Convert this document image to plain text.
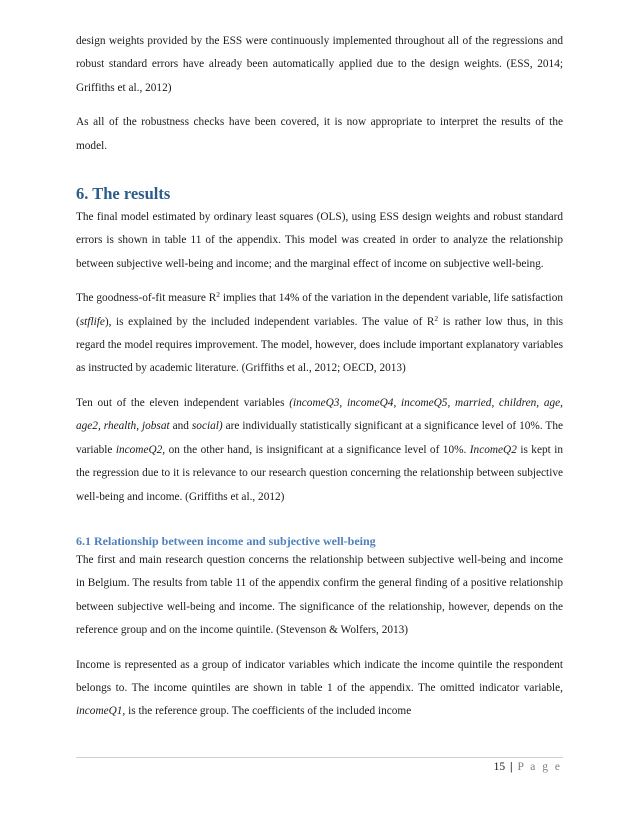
design weights provided by the ESS were continuously implemented throughout all of the regressions and robust standard errors have already been automatically applied due to the design weights. (ESS, 2014; Griffiths et al., 2012)

As all of the robustness checks have been covered, it is now appropriate to interpret the results of the model.

6. The results

The final model estimated by ordinary least squares (OLS), using ESS design weights and robust standard errors is shown in table 11 of the appendix. This model was created in order to analyze the relationship between subjective well-being and income; and the marginal effect of income on subjective well-being.

The goodness-of-fit measure $R^2$ implies that 14% of the variation in the dependent variable, life satisfaction (stflife), is explained by the included independent variables. The value of $R^2$ is rather low thus, in this regard the model requires improvement. The model, however, does include important explanatory variables as instructed by academic literature. (Griffiths et al., 2012; OECD, 2013)

Ten out of the eleven independent variables (incomeQ3, incomeQ4, incomeQ5, married, children, age, age2, rhealth, jobsat and social) are individually statistically significant at a significance level of 10%. The variable incomeQ2, on the other hand, is insignificant at a significance level of 10%. IncomeQ2 is kept in the regression due to it is relevance to our research question concerning the relationship between subjective well-being and income. (Griffiths et al., 2012)

6.1 Relationship between income and subjective well-being

The first and main research question concerns the relationship between subjective well-being and income in Belgium. The results from table 11 of the appendix confirm the general finding of a positive relationship between subjective well-being and income. The significance of the relationship, however, depends on the reference group and on the income quintile. (Stevenson & Wolfers, 2013)

Income is represented as a group of indicator variables which indicate the income quintile the respondent belongs to. The income quintiles are shown in table 1 of the appendix. The omitted indicator variable, incomeQ1, is the reference group. The coefficients of the included income

15 | P a g e
